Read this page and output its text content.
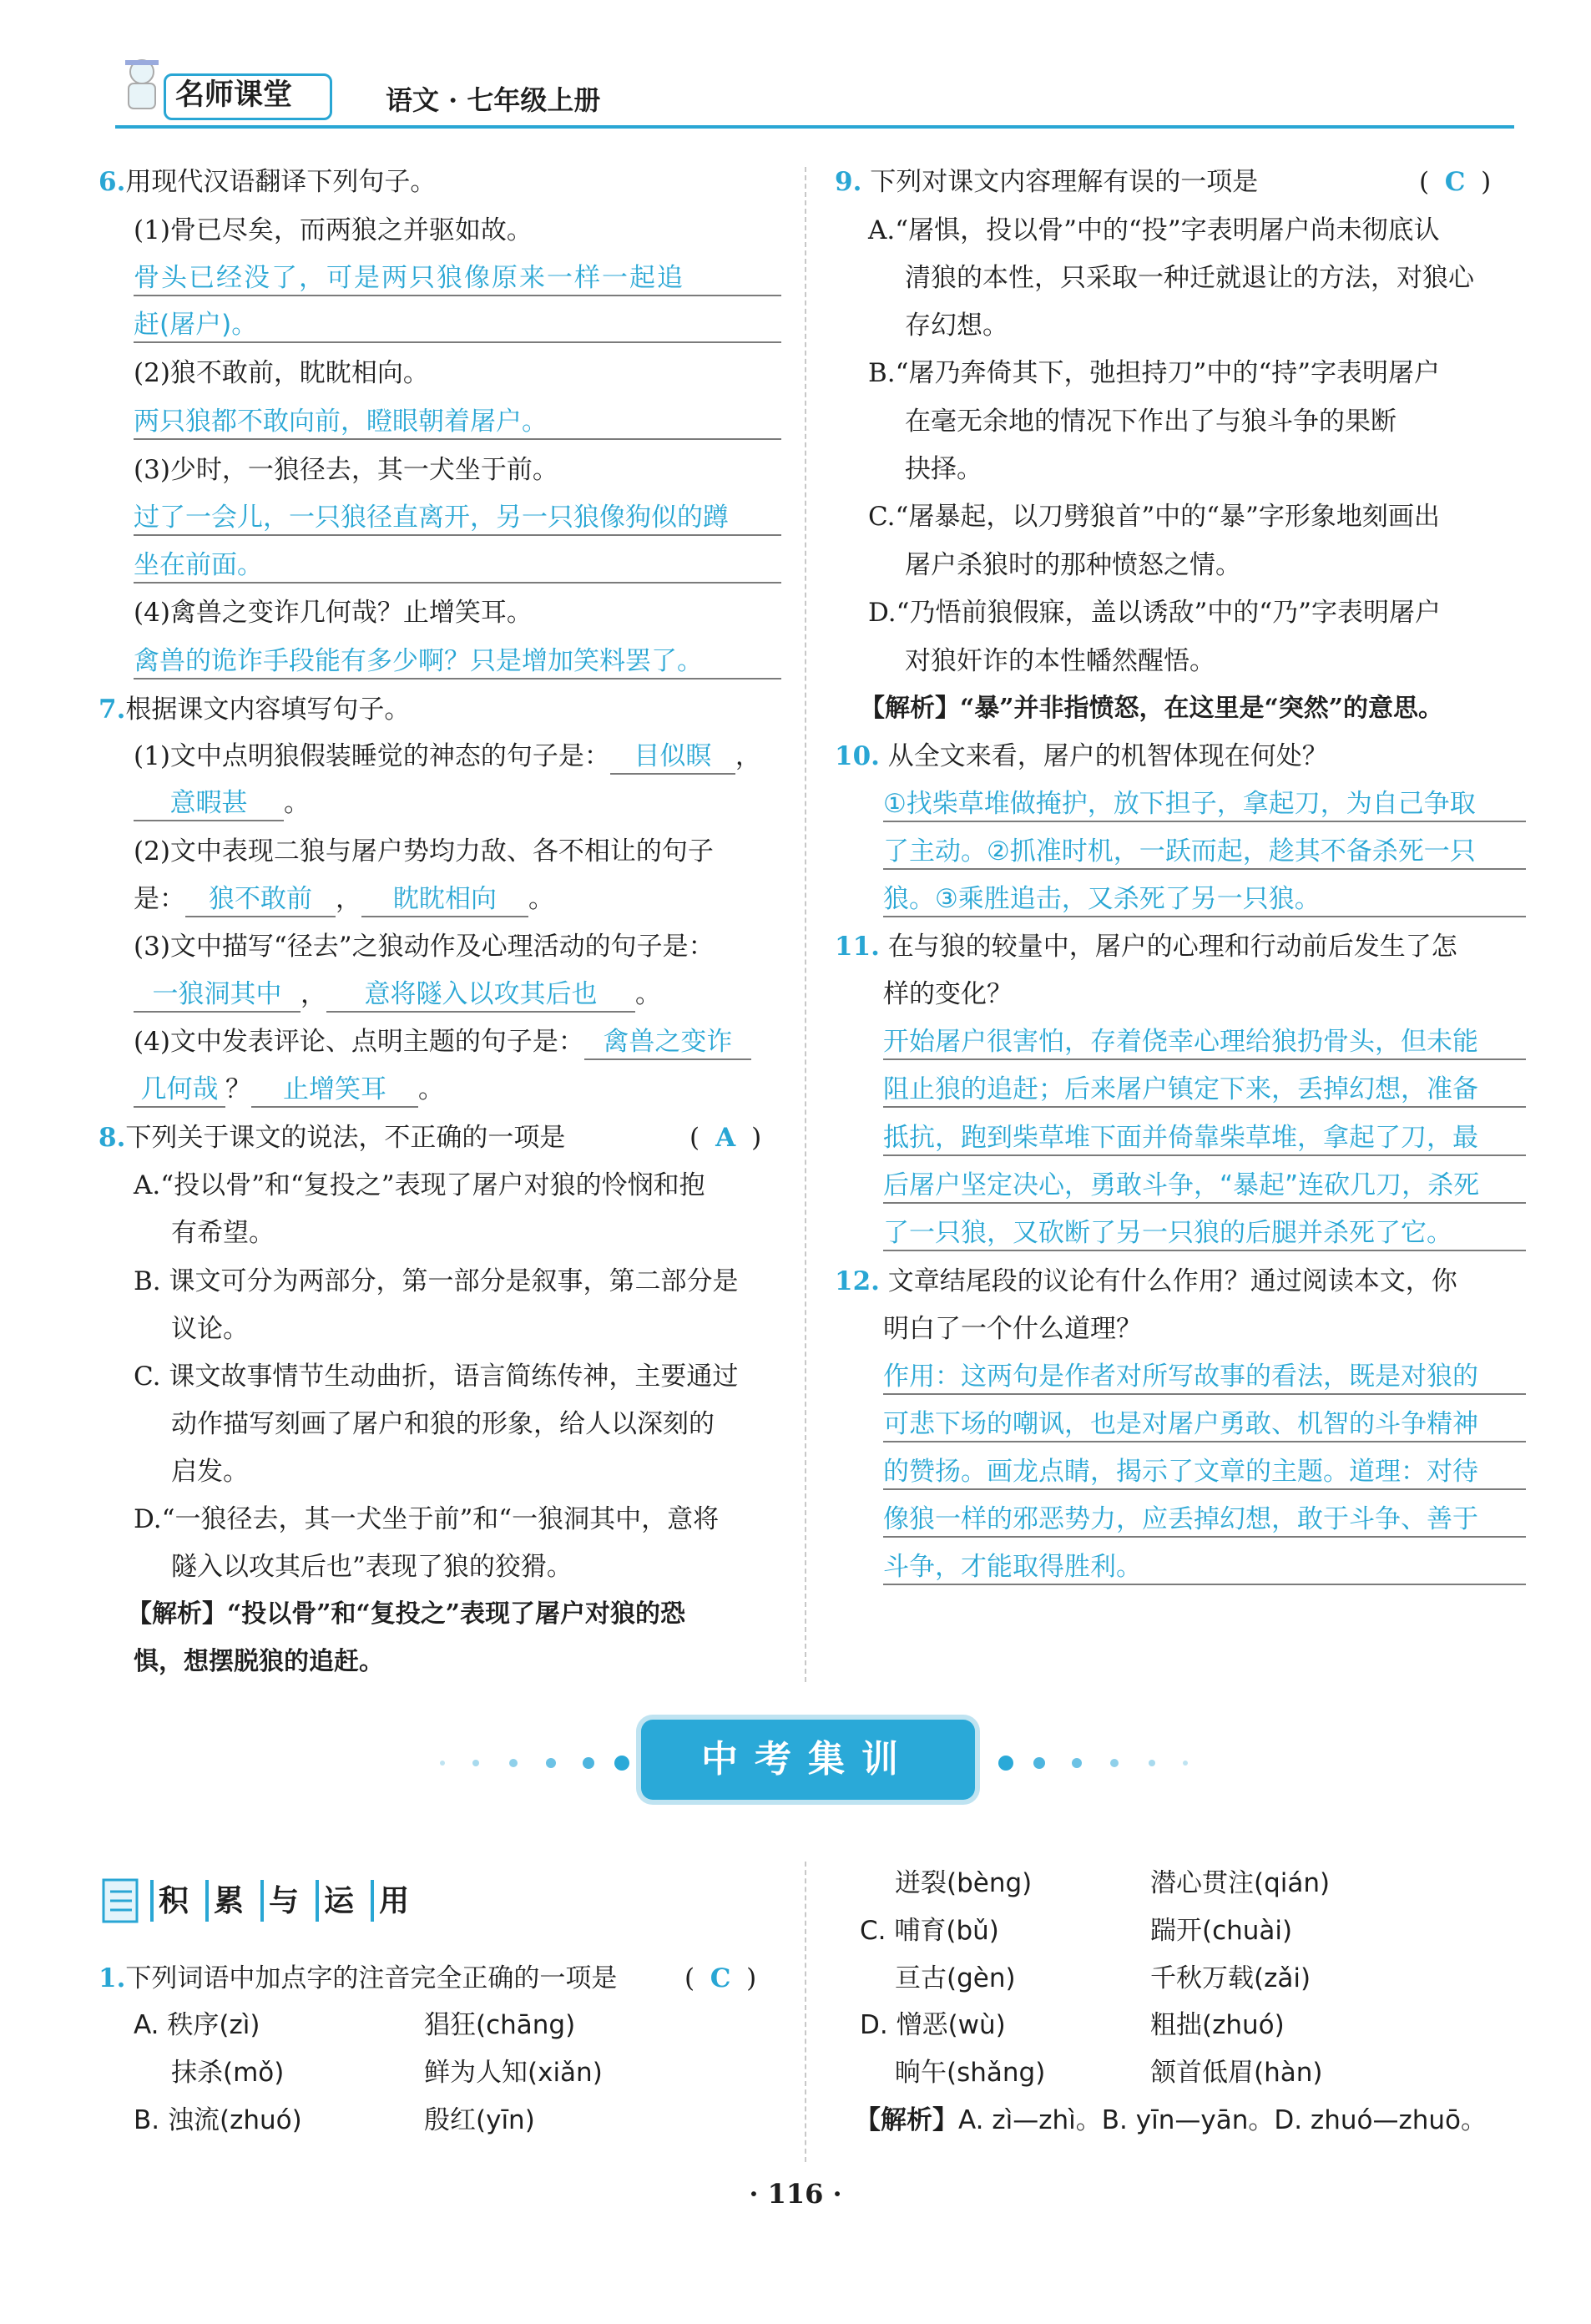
名师课堂	语文 · 七年级上册
6.用现代汉语翻译下列句子。
(1)骨已尽矣，而两狼之并驱如故。
骨头已经没了，可是两只狼像原来一样一起追
赶(屠户)。
(2)狼不敢前，眈眈相向。
两只狼都不敢向前，瞪眼朝着屠户。
(3)少时，一狼径去，其一犬坐于前。
过了一会儿，一只狼径直离开，另一只狼像狗似的蹲
坐在前面。
(4)禽兽之变诈几何哉？止增笑耳。
禽兽的诡诈手段能有多少啊？只是增加笑料罢了。
7.根据课文内容填写句子。
(1)文中点明狼假装睡觉的神态的句子是： 目似瞑 ，
意暇甚 。
(2)文中表现二狼与屠户势均力敌、各不相让的句子
是： 狼不敢前 ， 眈眈相向 。
(3)文中描写“径去”之狼动作及心理活动的句子是：
一狼洞其中 ， 意将隧入以攻其后也 。
(4)文中发表评论、点明主题的句子是： 禽兽之变诈
几何哉 ？ 止增笑耳 。
8.下列关于课文的说法，不正确的一项是	( A )
A.“投以骨”和“复投之”表现了屠户对狼的怜悯和抱
有希望。
B. 课文可分为两部分，第一部分是叙事，第二部分是
议论。
C. 课文故事情节生动曲折，语言简练传神，主要通过
动作描写刻画了屠户和狼的形象，给人以深刻的
启发。
D.“一狼径去，其一犬坐于前”和“一狼洞其中，意将
隧入以攻其后也”表现了狼的狡猾。
【解析】“投以骨”和“复投之”表现了屠户对狼的恐
惧，想摆脱狼的追赶。
9. 下列对课文内容理解有误的一项是	( C )
A.“屠惧，投以骨”中的“投”字表明屠户尚未彻底认
清狼的本性，只采取一种迁就退让的方法，对狼心
存幻想。
B.“屠乃奔倚其下，弛担持刀”中的“持”字表明屠户
在毫无余地的情况下作出了与狼斗争的果断
抉择。
C.“屠暴起，以刀劈狼首”中的“暴”字形象地刻画出
屠户杀狼时的那种愤怒之情。
D.“乃悟前狼假寐，盖以诱敌”中的“乃”字表明屠户
对狼奸诈的本性幡然醒悟。
【解析】“暴”并非指愤怒，在这里是“突然”的意思。
10. 从全文来看，屠户的机智体现在何处？
①找柴草堆做掩护，放下担子，拿起刀，为自己争取
了主动。②抓准时机，一跃而起，趁其不备杀死一只
狼。③乘胜追击，又杀死了另一只狼。
11. 在与狼的较量中，屠户的心理和行动前后发生了怎
样的变化？
开始屠户很害怕，存着侥幸心理给狼扔骨头，但未能
阻止狼的追赶；后来屠户镇定下来，丢掉幻想，准备
抵抗，跑到柴草堆下面并倚靠柴草堆，拿起了刀，最
后屠户坚定决心，勇敢斗争，“暴起”连砍几刀，杀死
了一只狼，又砍断了另一只狼的后腿并杀死了它。
12. 文章结尾段的议论有什么作用？通过阅读本文，你
明白了一个什么道理？
作用：这两句是作者对所写故事的看法，既是对狼的
可悲下场的嘲讽，也是对屠户勇敢、机智的斗争精神
的赞扬。画龙点睛，揭示了文章的主题。道理：对待
像狼一样的邪恶势力，应丢掉幻想，敢于斗争、善于
斗争，才能取得胜利。
中考集训
积 累 与 运 用
1.下列词语中加点字的注音完全正确的一项是	( C )
A. 秩序(zì)	猖狂(chāng)
抹杀(mǒ)	鲜为人知(xiǎn)
B. 浊流(zhuó)	殷红(yīn)
迸裂(bèng)	潜心贯注(qián)
C. 哺育(bǔ)	踹开(chuài)
亘古(gèn)	千秋万载(zǎi)
D. 憎恶(wù)	粗拙(zhuó)
晌午(shǎng)	颔首低眉(hàn)
【解析】A. zì—zhì。B. yīn—yān。D. zhuó—zhuō。
· 116 ·
